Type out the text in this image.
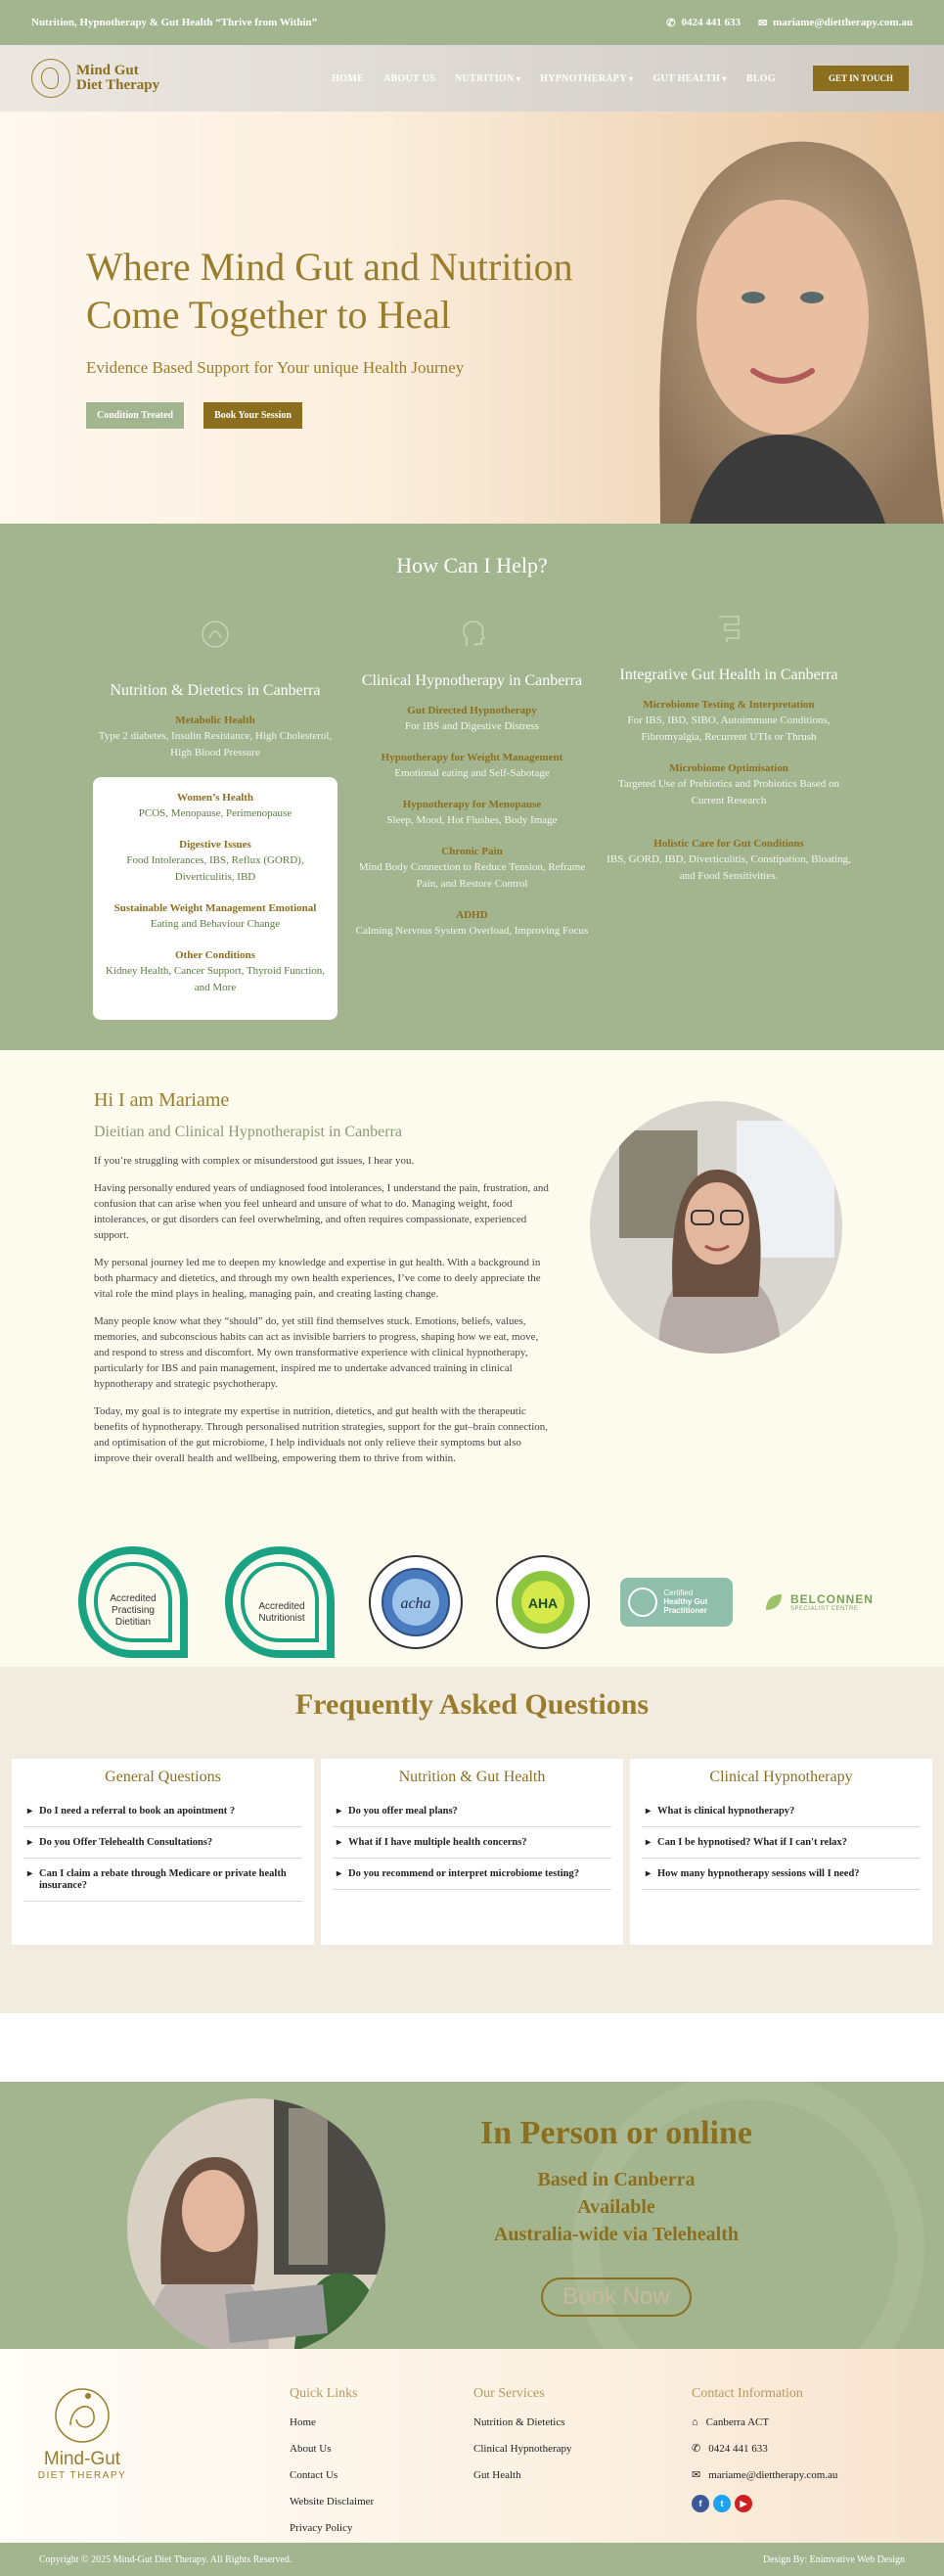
Nutrition, Hypnotherapy & Gut Health “Thrive from Within”	✆ 0424 441 633 ✉ mariame@diettherapy.com.au
Mind Gut
Diet Therapy	HOME ABOUT US NUTRITION ▾	HYPNOTHERAPY ▾	GUT HEALTH ▾	BLOG	GET IN TOUCH
Where Mind Gut and Nutrition
Come Together to Heal
Evidence Based Support for Your unique Health Journey
Condition Treated	Book Your Session
How Can I Help?
Nutrition & Dietetics in Canberra
Metabolic Health
Type 2 diabetes, Insulin Resistance, High Cholesterol, High Blood Pressure
Women’s Health
PCOS, Menopause, Perimenopause
Digestive Issues
Food Intolerances, IBS, Reflux (GORD), Diverticulitis, IBD
Sustainable Weight Management Emotional
Eating and Behaviour Change
Other Conditions
Kidney Health, Cancer Support, Thyroid Function, and More
Clinical Hypnotherapy in Canberra
Gut Directed Hypnotherapy
For IBS and Digestive Distress
Hypnotherapy for Weight Management
Emotional eating and Self-Sabotage
Hypnotherapy for Menopause
Sleep, Mood, Hot Flushes, Body Image
Chronic Pain
Mind Body Connection to Reduce Tension, Reframe Pain, and Restore Control
ADHD
Calming Nervous System Overload, Improving Focus
Integrative Gut Health in Canberra
Microbiome Testing & Interpretation
For IBS, IBD, SIBO, Autoimmune Conditions, Fibromyalgia, Recurrent UTIs or Thrush
Microbiome Optimisation
Targeted Use of Prebiotics and Probiotics Based on Current Research
Holistic Care for Gut Conditions
IBS, GORD, IBD, Diverticulitis, Constipation, Bloating, and Food Sensitivities.
Hi I am Mariame
Dieitian and Clinical Hypnotherapist in Canberra

If you’re struggling with complex or misunderstood gut issues, I hear you.

Having personally endured years of undiagnosed food intolerances, I understand the pain, frustration, and confusion that can arise when you feel unheard and unsure of what to do. Managing weight, food intolerances, or gut disorders can feel overwhelming, and often requires compassionate, experienced support.

My personal journey led me to deepen my knowledge and expertise in gut health. With a background in both pharmacy and dietetics, and through my own health experiences, I’ve come to deely appreciate the vital role the mind plays in healing, managing pain, and creating lasting change.

Many people know what they “should” do, yet still find themselves stuck. Emotions, beliefs, values, memories, and subconscious habits can act as invisible barriers to progress, shaping how we eat, move, and respond to stress and discomfort. My own transformative experience with clinical hypnotherapy, particularly for IBS and pain management, inspired me to undertake advanced training in clinical hypnotherapy and strategic psychotherapy.

Today, my goal is to integrate my expertise in nutrition, dietetics, and gut health with the therapeutic benefits of hypnotherapy. Through personalised nutrition strategies, support for the gut–brain connection, and optimisation of the gut microbiome, I help individuals not only relieve their symptoms but also improve their overall health and wellbeing, empowering them to thrive from within.

Accredited
Practising
Dietitian
Accredited
Nutritionist
acha	AHA
Certified
Healthy Gut
Practitioner
BELCONNEN
SPECIALIST CENTRE
Frequently Asked Questions
General Questions
▸ Do I need a referral to book an apointment ?
▸ Do you Offer Telehealth Consultations?
▸ Can I claim a rebate through Medicare or private health insurance?
Nutrition & Gut Health
▸ Do you offer meal plans?
▸ What if I have multiple health concerns?
▸ Do you recommend or interpret microbiome testing?
Clinical Hypnotherapy
▸ What is clinical hypnotherapy?
▸ Can I be hypnotised? What if I can't relax?
▸ How many hypnotherapy sessions will I need?
In Person or online
Based in Canberra
Available
Australia-wide via Telehealth
Book Now
Mind-Gut
DIET THERAPY
Quick Links
Home
About Us
Contact Us
Website Disclaimer
Privacy Policy
Our Services
Nutrition & Dietetics
Clinical Hypnotherapy
Gut Health
Contact Information
⌂ Canberra ACT
✆ 0424 441 633
✉ mariame@diettherapy.com.au
f	t	▶
Copyright © 2025 Mind-Gut Diet Therapy. All Rights Reserved.	Design By: Enimvative Web Design
